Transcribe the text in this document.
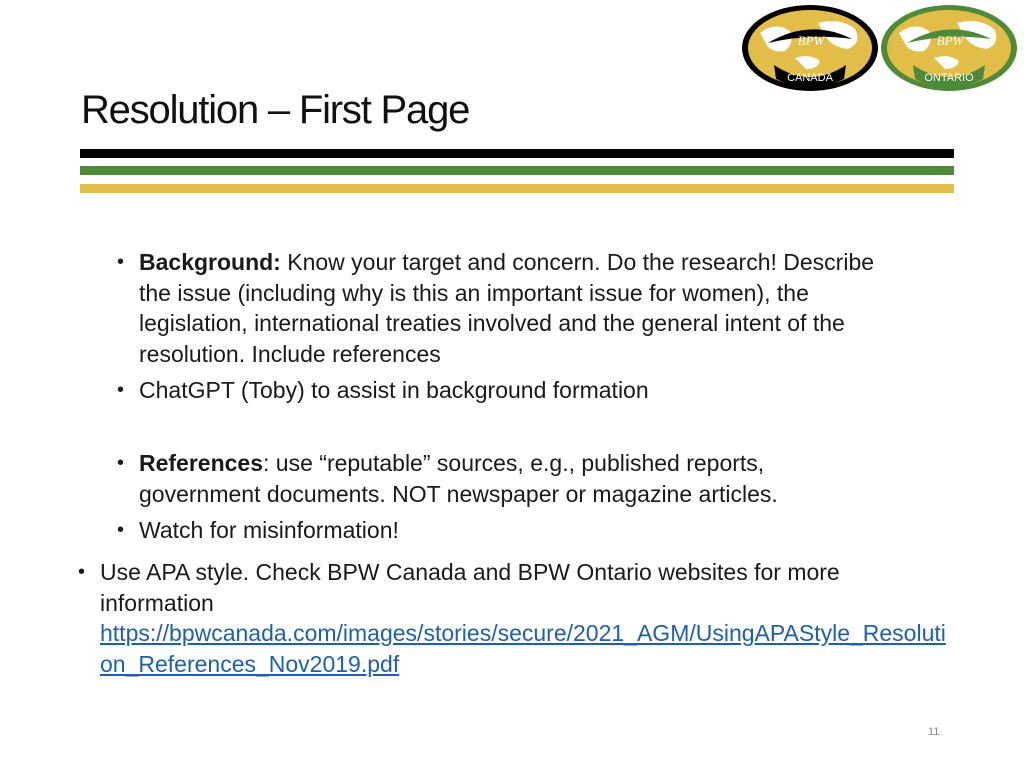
Resolution – First Page
BPW
CANADA
BPW
ONTARIO
• Background: Know your target and concern. Do the research! Describe the issue (including why is this an important issue for women), the legislation, international treaties involved and the general intent of the resolution. Include references
• ChatGPT (Toby) to assist in background formation
• References: use “reputable” sources, e.g., published reports, government documents. NOT newspaper or magazine articles.
• Watch for misinformation!
• Use APA style. Check BPW Canada and BPW Ontario websites for more information
https://bpwcanada.com/images/stories/secure/2021_AGM/UsingAPAStyle_Resolution_References_Nov2019.pdf
11
